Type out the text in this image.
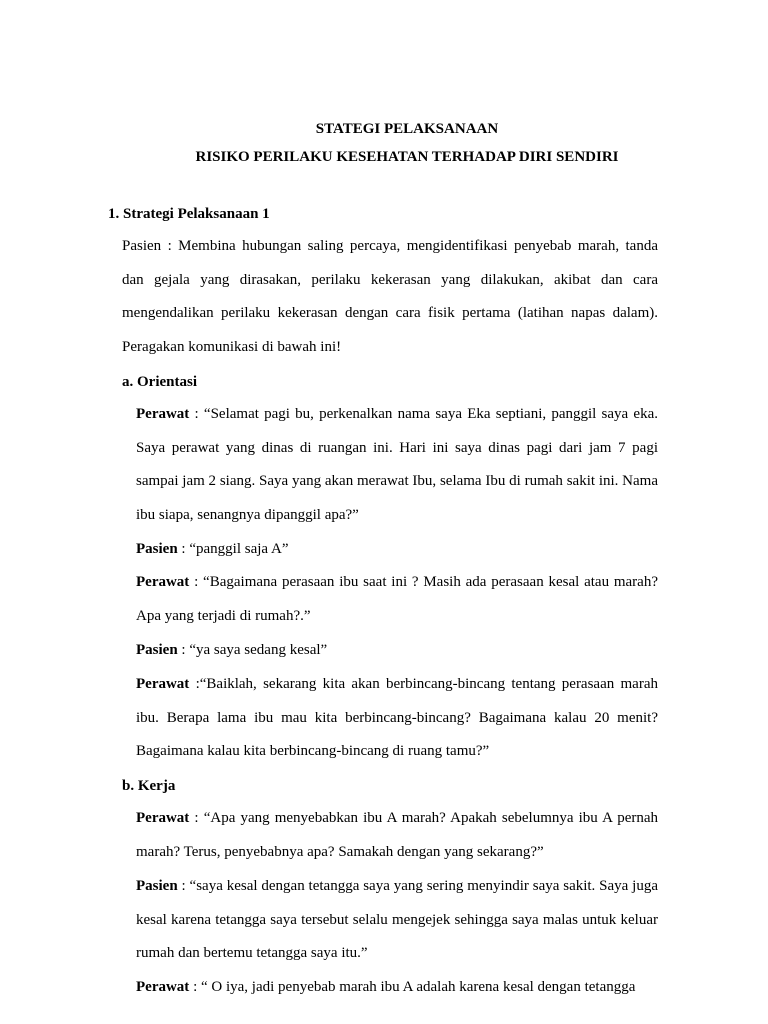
STATEGI PELAKSANAAN
RISIKO PERILAKU KESEHATAN TERHADAP DIRI SENDIRI
1. Strategi Pelaksanaan 1
Pasien : Membina hubungan saling percaya, mengidentifikasi penyebab marah, tanda dan gejala yang dirasakan, perilaku kekerasan yang dilakukan, akibat dan cara mengendalikan perilaku kekerasan dengan cara fisik pertama (latihan napas dalam). Peragakan komunikasi di bawah ini!
a. Orientasi
Perawat : “Selamat pagi bu, perkenalkan nama saya Eka septiani, panggil saya eka. Saya perawat yang dinas di ruangan ini. Hari ini saya dinas pagi dari jam 7 pagi sampai jam 2 siang. Saya yang akan merawat Ibu, selama Ibu di rumah sakit ini. Nama ibu siapa, senangnya dipanggil apa?”
Pasien : “panggil saja A”
Perawat : “Bagaimana perasaan ibu saat ini ? Masih ada perasaan kesal atau marah? Apa yang terjadi di rumah?.”
Pasien : “ya saya sedang kesal”
Perawat :“Baiklah, sekarang kita akan berbincang-bincang tentang perasaan marah ibu. Berapa lama ibu mau kita berbincang-bincang? Bagaimana kalau 20 menit? Bagaimana kalau kita berbincang-bincang di ruang tamu?”
b. Kerja
Perawat : “Apa yang menyebabkan ibu A marah? Apakah sebelumnya ibu A pernah marah? Terus, penyebabnya apa? Samakah dengan yang sekarang?”
Pasien : “saya kesal dengan tetangga saya yang sering menyindir saya sakit. Saya juga kesal karena tetangga saya tersebut selalu mengejek sehingga saya malas untuk keluar rumah dan bertemu tetangga saya itu.”
Perawat : “ O iya, jadi penyebab marah ibu A adalah karena kesal dengan tetangga
